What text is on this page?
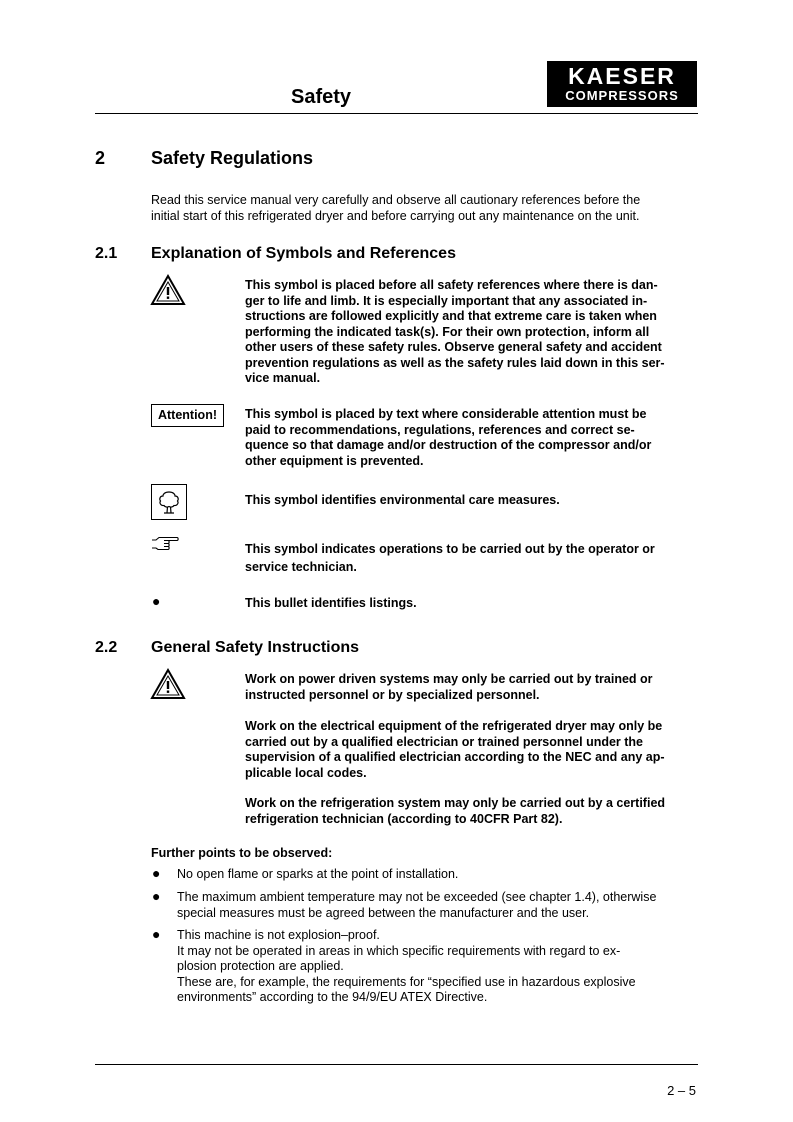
Safety
KAESER
COMPRESSORS
2	Safety Regulations
Read this service manual very carefully and observe all cautionary references before the
initial start of this refrigerated dryer and before carrying out any maintenance on the unit.
2.1 Explanation of Symbols and References
This symbol is placed before all safety references where there is dan-
ger to life and limb. It is especially important that any associated in-
structions are followed explicitly and that extreme care is taken when
performing the indicated task(s). For their own protection, inform all
other users of these safety rules. Observe general safety and accident
prevention regulations as well as the safety rules laid down in this ser-
vice manual.
Attention!	This symbol is placed by text where considerable attention must be
paid to recommendations, regulations, references and correct se-
quence so that damage and/or destruction of the compressor and/or
other equipment is prevented.
This symbol identifies environmental care measures.
This symbol indicates operations to be carried out by the operator or
service technician.
●	This bullet identifies listings.
2.2 General Safety Instructions
Work on power driven systems may only be carried out by trained or
instructed personnel or by specialized personnel.
Work on the electrical equipment of the refrigerated dryer may only be
carried out by a qualified electrician or trained personnel under the
supervision of a qualified electrician according to the NEC and any ap-
plicable local codes.
Work on the refrigeration system may only be carried out by a certified
refrigeration technician (according to 40CFR Part 82).
Further points to be observed:
● No open flame or sparks at the point of installation.
● The maximum ambient temperature may not be exceeded (see chapter 1.4), otherwise
special measures must be agreed between the manufacturer and the user.
● This machine is not explosion–proof.
It may not be operated in areas in which specific requirements with regard to ex-
plosion protection are applied.
These are, for example, the requirements for “specified use in hazardous explosive
environments” according to the 94/9/EU ATEX Directive.
2 – 5
